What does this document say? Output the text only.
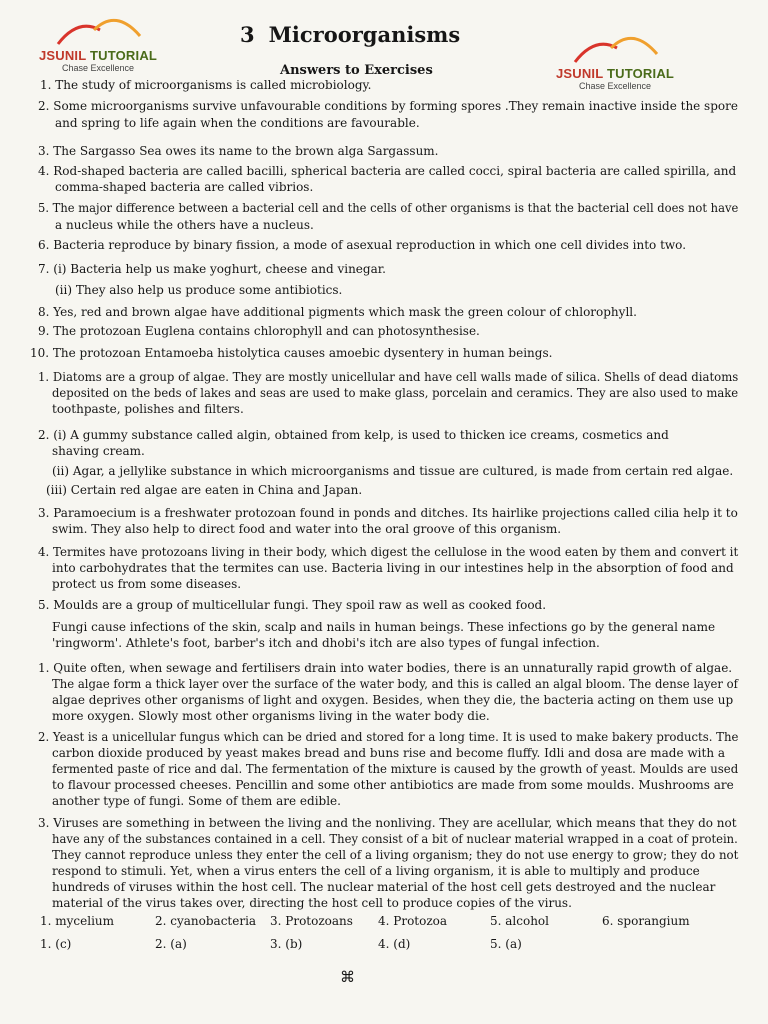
JSUNIL TUTORIAL
Chase Excellence	JSUNIL TUTORIAL
Chase Excellence
3 Microorganisms
Answers to Exercises
1. The study of microorganisms is called microbiology.
2. Some microorganisms survive unfavourable conditions by forming spores .They remain inactive inside the spore
and spring to life again when the conditions are favourable.
3. The Sargasso Sea owes its name to the brown alga Sargassum.
4. Rod-shaped bacteria are called bacilli, spherical bacteria are called cocci, spiral bacteria are called spirilla, and
comma-shaped bacteria are called vibrios.
5. The major difference between a bacterial cell and the cells of other organisms is that the bacterial cell does not have
a nucleus while the others have a nucleus.
6. Bacteria reproduce by binary fission, a mode of asexual reproduction in which one cell divides into two.
7. (i) Bacteria help us make yoghurt, cheese and vinegar.
(ii) They also help us produce some antibiotics.
8. Yes, red and brown algae have additional pigments which mask the green colour of chlorophyll.
9. The protozoan Euglena contains chlorophyll and can photosynthesise.
10. The protozoan Entamoeba histolytica causes amoebic dysentery in human beings.
1. Diatoms are a group of algae. They are mostly unicellular and have cell walls made of silica. Shells of dead diatoms
deposited on the beds of lakes and seas are used to make glass, porcelain and ceramics. They are also used to make
toothpaste, polishes and filters.
2. (i) A gummy substance called algin, obtained from kelp, is used to thicken ice creams, cosmetics and
shaving cream.
(ii) Agar, a jellylike substance in which microorganisms and tissue are cultured, is made from certain red algae.
(iii) Certain red algae are eaten in China and Japan.
3. Paramoecium is a freshwater protozoan found in ponds and ditches. Its hairlike projections called cilia help it to
swim. They also help to direct food and water into the oral groove of this organism.
4. Termites have protozoans living in their body, which digest the cellulose in the wood eaten by them and convert it
into carbohydrates that the termites can use. Bacteria living in our intestines help in the absorption of food and
protect us from some diseases.
5. Moulds are a group of multicellular fungi. They spoil raw as well as cooked food.
Fungi cause infections of the skin, scalp and nails in human beings. These infections go by the general name
'ringworm'. Athlete's foot, barber's itch and dhobi's itch are also types of fungal infection.
1. Quite often, when sewage and fertilisers drain into water bodies, there is an unnaturally rapid growth of algae.
The algae form a thick layer over the surface of the water body, and this is called an algal bloom. The dense layer of
algae deprives other organisms of light and oxygen. Besides, when they die, the bacteria acting on them use up
more oxygen. Slowly most other organisms living in the water body die.
2. Yeast is a unicellular fungus which can be dried and stored for a long time. It is used to make bakery products. The
carbon dioxide produced by yeast makes bread and buns rise and become fluffy. Idli and dosa are made with a
fermented paste of rice and dal. The fermentation of the mixture is caused by the growth of yeast. Moulds are used
to flavour processed cheeses. Pencillin and some other antibiotics are made from some moulds. Mushrooms are
another type of fungi. Some of them are edible.
3. Viruses are something in between the living and the nonliving. They are acellular, which means that they do not
have any of the substances contained in a cell. They consist of a bit of nuclear material wrapped in a coat of protein.
They cannot reproduce unless they enter the cell of a living organism; they do not use energy to grow; they do not
respond to stimuli. Yet, when a virus enters the cell of a living organism, it is able to multiply and produce
hundreds of viruses within the host cell. The nuclear material of the host cell gets destroyed and the nuclear
material of the virus takes over, directing the host cell to produce copies of the virus.
1. mycelium	2. cyanobacteria 3. Protozoans 4. Protozoa	5. alcohol	6. sporangium
1. (c)	2. (a)	3. (b)	4. (d)	5. (a)
⌘
